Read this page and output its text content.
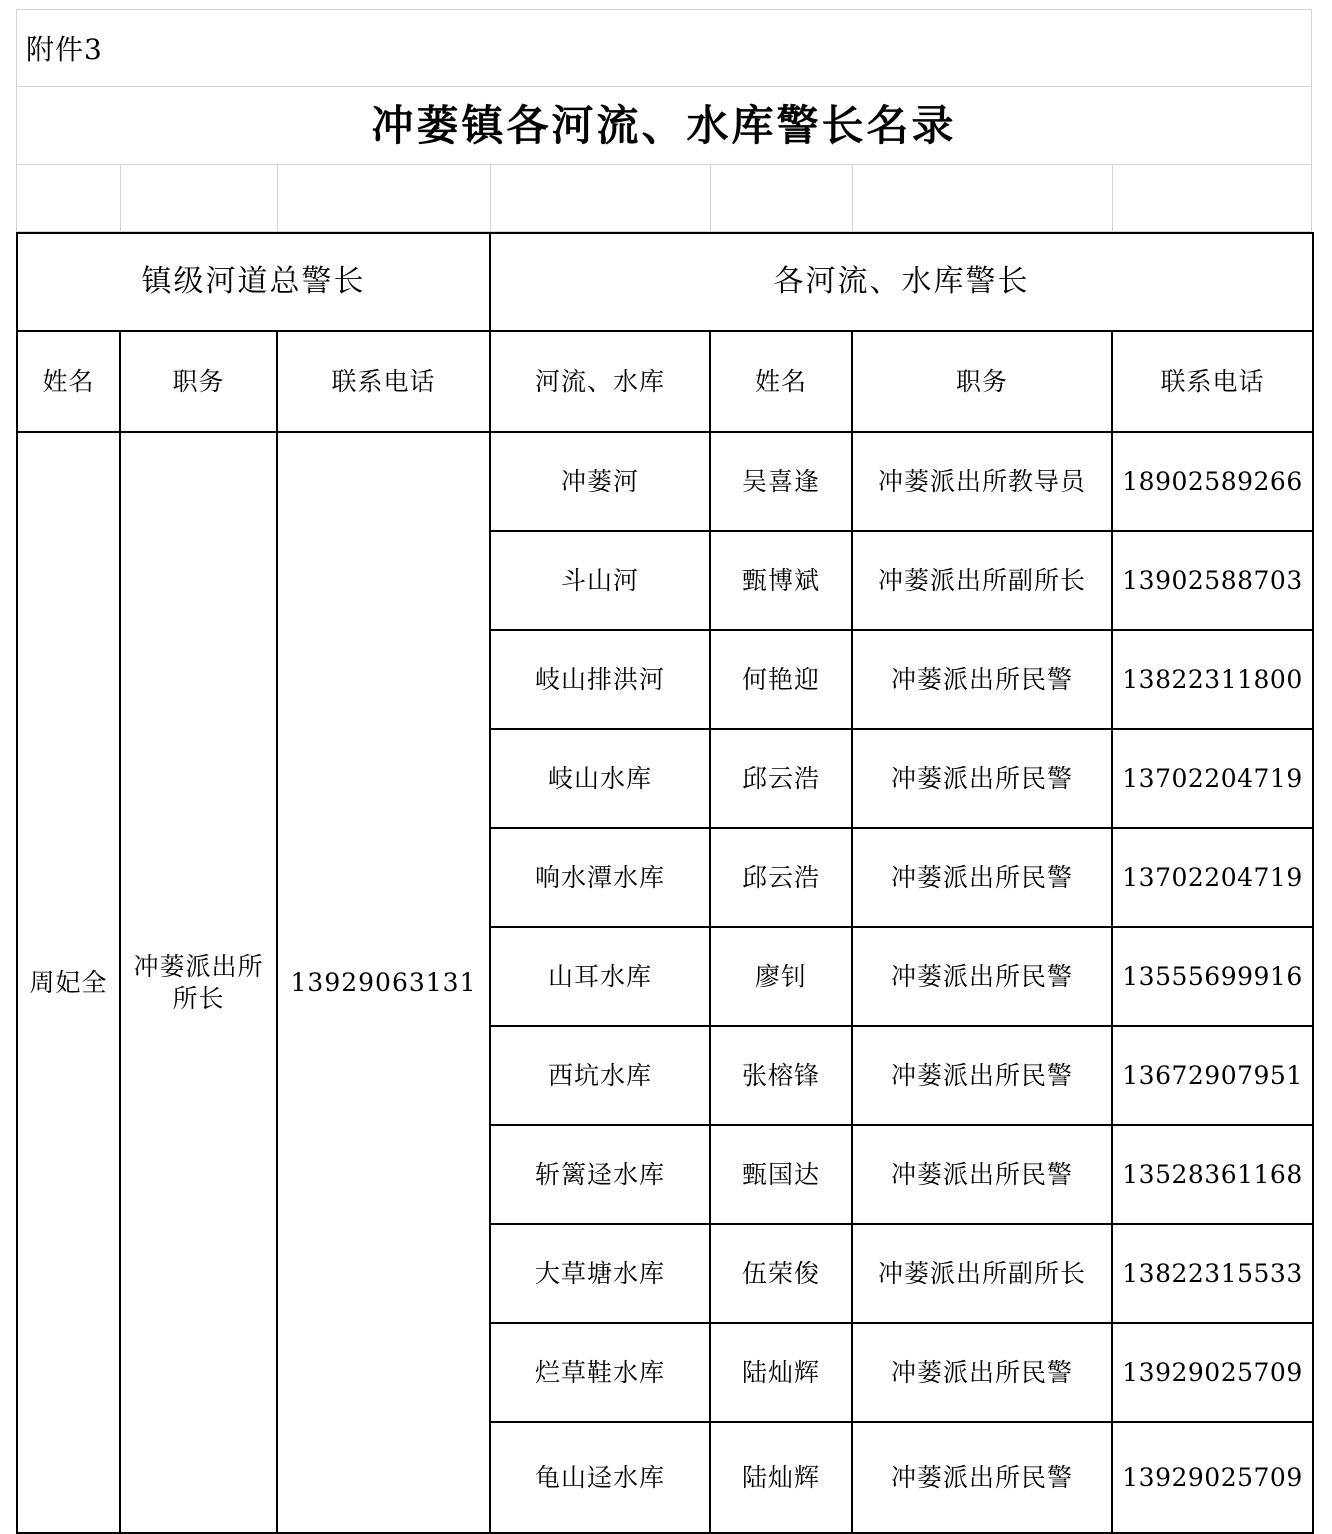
附件3
冲蒌镇各河流、水库警长名录
镇级河道总警长			各河流、水库警长			
姓名	职务	联系电话	河流、水库	姓名	职务	联系电话
周妃全	冲蒌派出所所长	13929063131	冲蒌河	吴喜逢	冲蒌派出所教导员	18902589266
			斗山河	甄博斌	冲蒌派出所副所长	13902588703
			岐山排洪河	何艳迎	冲蒌派出所民警	13822311800
			岐山水库	邱云浩	冲蒌派出所民警	13702204719
			响水潭水库	邱云浩	冲蒌派出所民警	13702204719
			山耳水库	廖钊	冲蒌派出所民警	13555699916
			西坑水库	张榕锋	冲蒌派出所民警	13672907951
			斩篱迳水库	甄国达	冲蒌派出所民警	13528361168
			大草塘水库	伍荣俊	冲蒌派出所副所长	13822315533
			烂草鞋水库	陆灿辉	冲蒌派出所民警	13929025709
			龟山迳水库	陆灿辉	冲蒌派出所民警	13929025709
